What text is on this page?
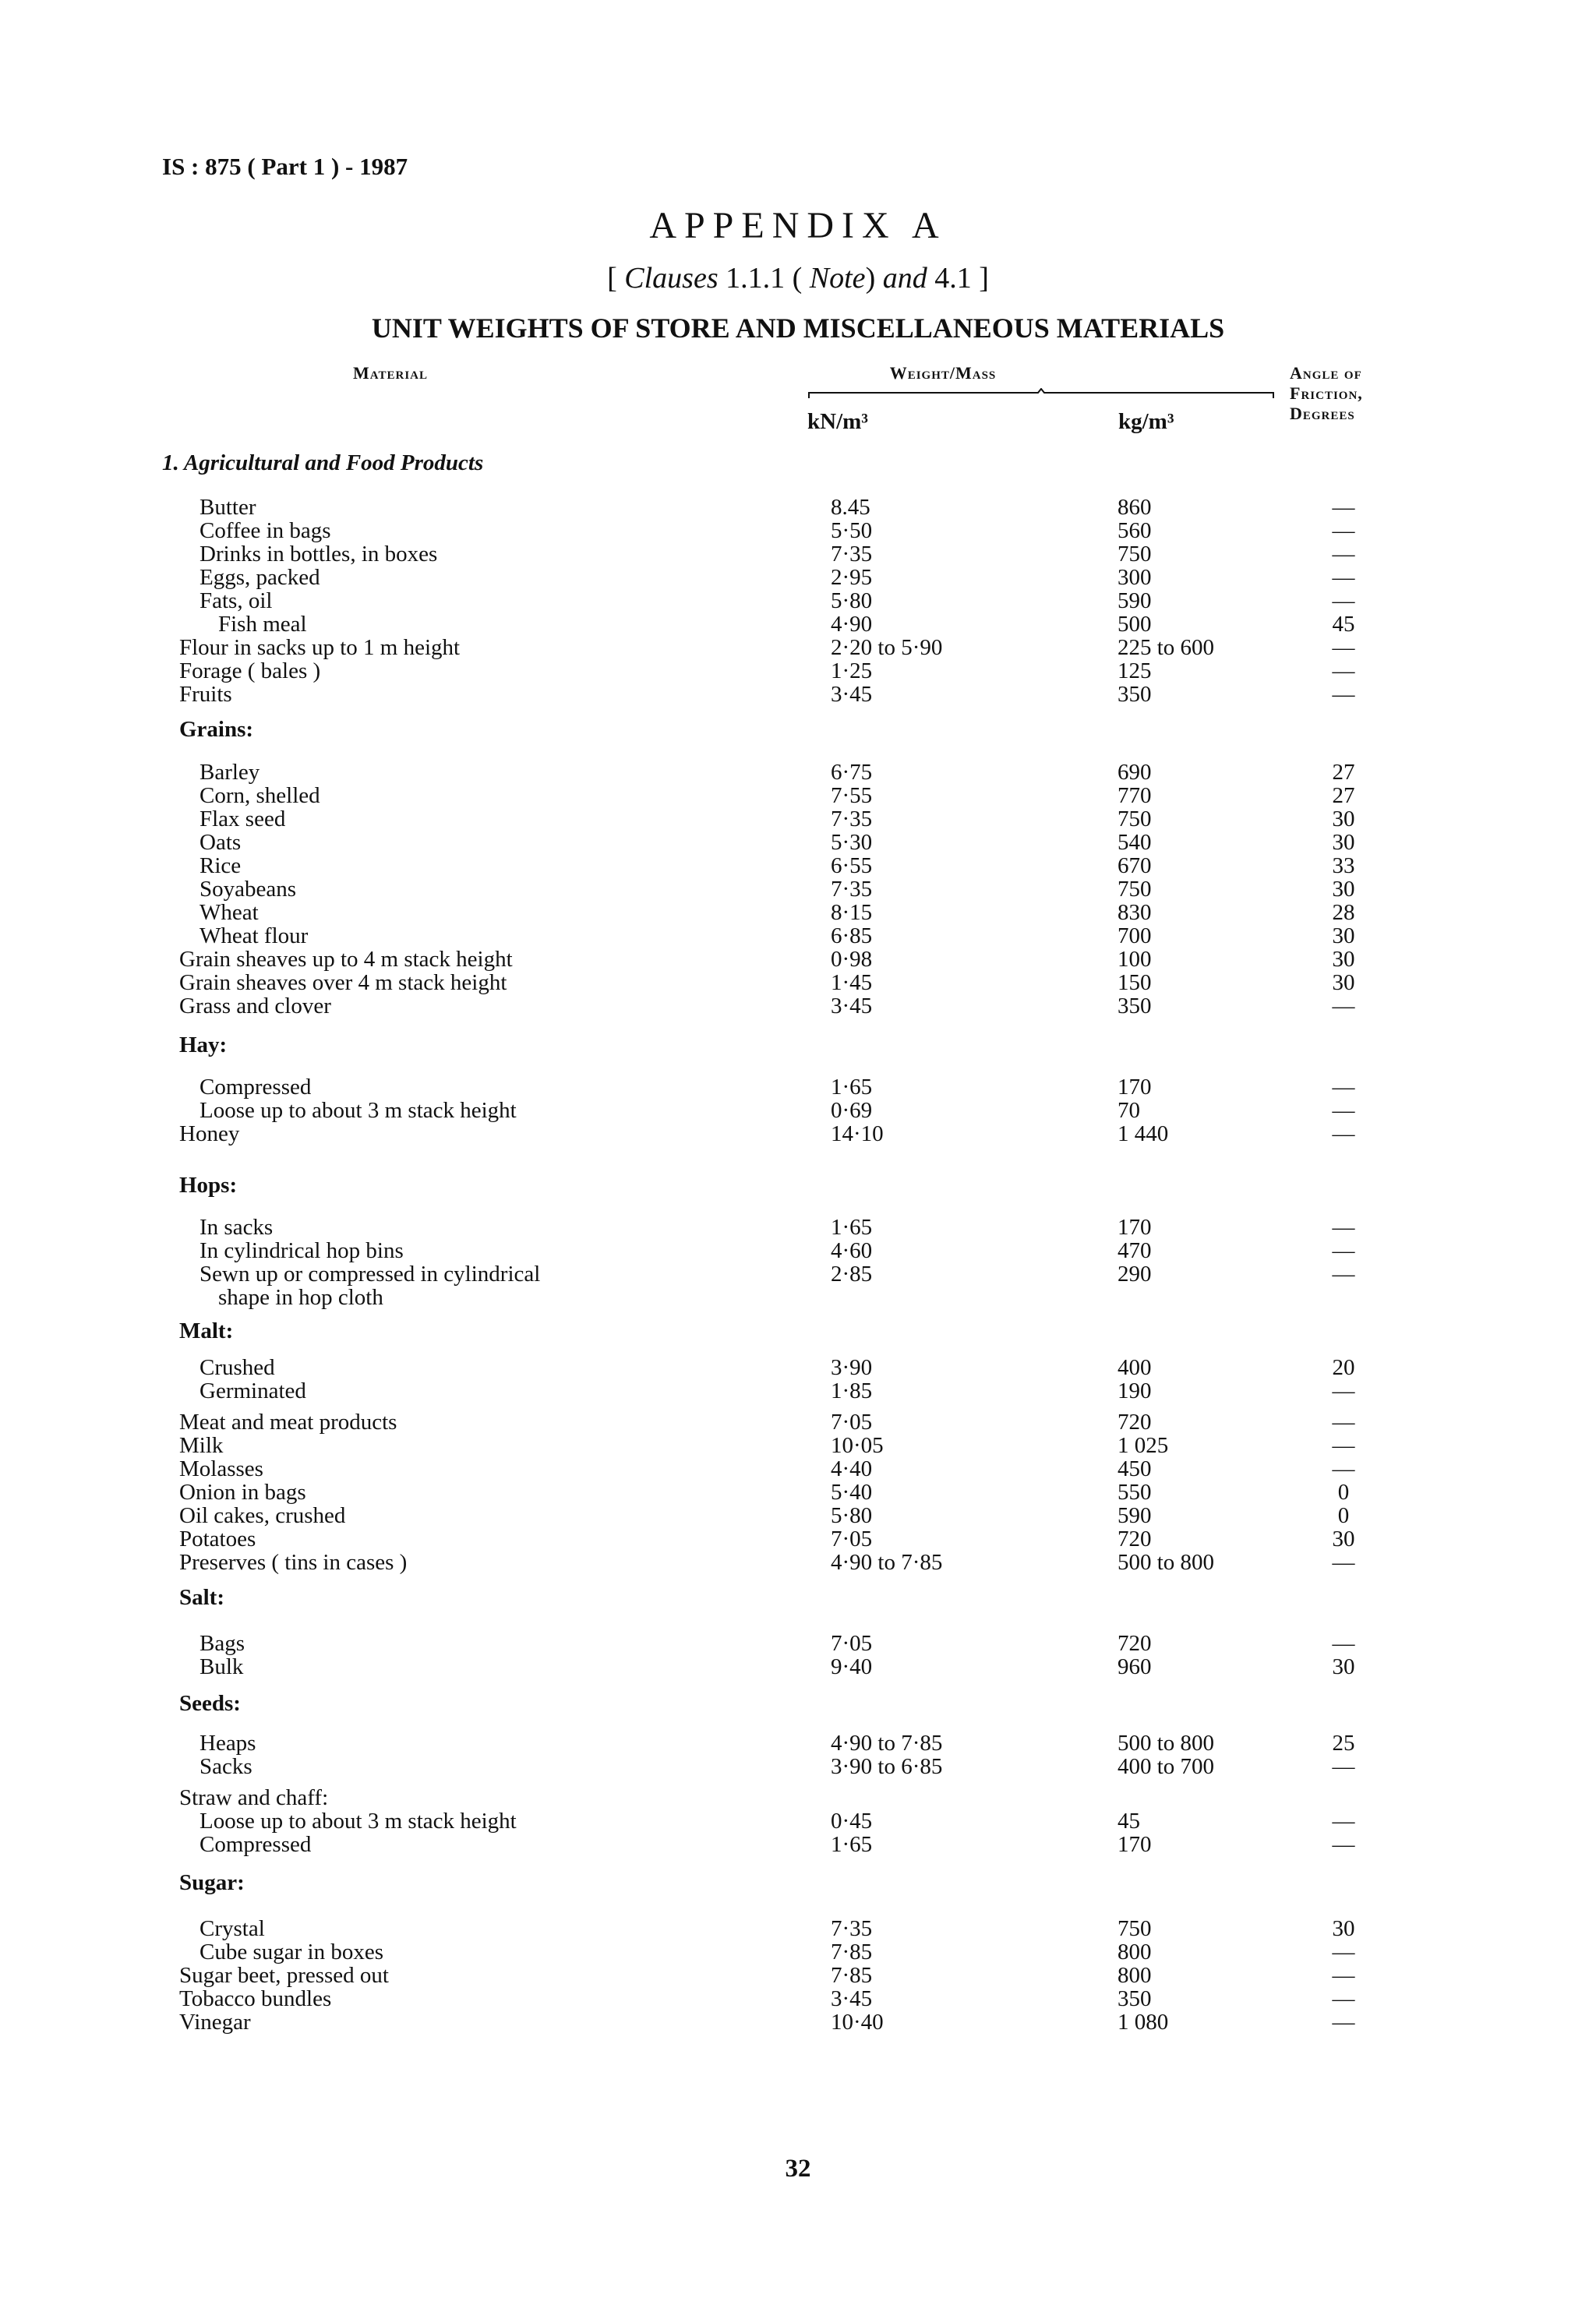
IS : 875 ( Part 1 ) - 1987
APPENDIX A
[ Clauses 1.1.1 ( Note) and 4.1 ]
UNIT WEIGHTS OF STORE AND MISCELLANEOUS MATERIALS
Material	Weight/Mass	Angle of
Friction,
Degrees
kN/m³	kg/m³
1. Agricultural and Food Products
Grains:
Hay:
Hops:
Malt:
Salt:
Seeds:
Sugar:
Butter	8.45	860	—
Coffee in bags	5·50	560	—
Drinks in bottles, in boxes	7·35	750	—
Eggs, packed	2·95	300	—
Fats, oil	5·80	590	—
Fish meal	4·90	500	45
Flour in sacks up to 1 m height	2·20 to 5·90	225 to 600	—
Forage ( bales )	1·25	125	—
Fruits	3·45	350	—
Barley	6·75	690	27
Corn, shelled	7·55	770	27
Flax seed	7·35	750	30
Oats	5·30	540	30
Rice	6·55	670	33
Soyabeans	7·35	750	30
Wheat	8·15	830	28
Wheat flour	6·85	700	30
Grain sheaves up to 4 m stack height	0·98	100	30
Grain sheaves over 4 m stack height	1·45	150	30
Grass and clover	3·45	350	—
Compressed	1·65	170	—
Loose up to about 3 m stack height	0·69	70	—
Honey	14·10	1 440	—
In sacks	1·65	170	—
In cylindrical hop bins	4·60	470	—
Sewn up or compressed in cylindrical	2·85	290	—
shape in hop cloth
Crushed	3·90	400	20
Germinated	1·85	190	—
Meat and meat products	7·05	720	—
Milk	10·05	1 025	—
Molasses	4·40	450	—
Onion in bags	5·40	550	0
Oil cakes, crushed	5·80	590	0
Potatoes	7·05	720	30
Preserves ( tins in cases )	4·90 to 7·85	500 to 800	—
Bags	7·05	720	—
Bulk	9·40	960	30
Heaps	4·90 to 7·85	500 to 800	25
Sacks	3·90 to 6·85	400 to 700	—
Straw and chaff:
Loose up to about 3 m stack height	0·45	45	—
Compressed	1·65	170	—
Crystal	7·35	750	30
Cube sugar in boxes	7·85	800	—
Sugar beet, pressed out	7·85	800	—
Tobacco bundles	3·45	350	—
Vinegar	10·40	1 080	—
32
